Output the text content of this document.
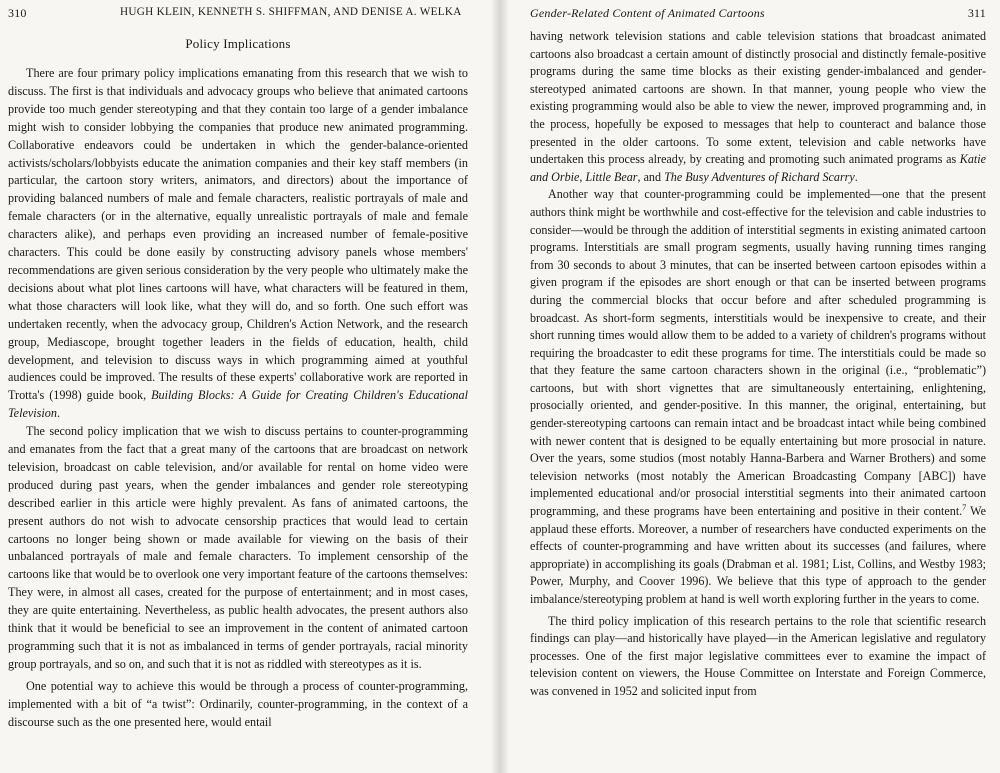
310	HUGH KLEIN, KENNETH S. SHIFFMAN, AND DENISE A. WELKA
Policy Implications

There are four primary policy implications emanating from this research that we wish to discuss. The first is that individuals and advocacy groups who believe that animated cartoons provide too much gender stereotyping and that they contain too large of a gender imbalance might wish to consider lobbying the companies that produce new animated programming. Collaborative endeavors could be undertaken in which the gender-balance-oriented activists/scholars/lobbyists educate the animation companies and their key staff members (in particular, the cartoon story writers, animators, and directors) about the importance of providing balanced numbers of male and female characters, realistic portrayals of male and female characters (or in the alternative, equally unrealistic portrayals of male and female characters alike), and perhaps even providing an increased number of female-positive characters. This could be done easily by constructing advisory panels whose members' recommendations are given serious consideration by the very people who ultimately make the decisions about what plot lines cartoons will have, what characters will be featured in them, what those characters will look like, what they will do, and so forth. One such effort was undertaken recently, when the advocacy group, Children's Action Network, and the research group, Mediascope, brought together leaders in the fields of education, health, child development, and television to discuss ways in which programming aimed at youthful audiences could be improved. The results of these experts' collaborative work are reported in Trotta's (1998) guide book, Building Blocks: A Guide for Creating Children's Educational Television.

The second policy implication that we wish to discuss pertains to counter-programming and emanates from the fact that a great many of the cartoons that are broadcast on network television, broadcast on cable television, and/or available for rental on home video were produced during past years, when the gender imbalances and gender role stereotyping described earlier in this article were highly prevalent. As fans of animated cartoons, the present authors do not wish to advocate censorship practices that would lead to certain cartoons no longer being shown or made available for viewing on the basis of their unbalanced portrayals of male and female characters. To implement censorship of the cartoons like that would be to overlook one very important feature of the cartoons themselves: They were, in almost all cases, created for the purpose of entertainment; and in most cases, they are quite entertaining. Nevertheless, as public health advocates, the present authors also think that it would be beneficial to see an improvement in the content of animated cartoon programming such that it is not as imbalanced in terms of gender portrayals, racial minority group portrayals, and so on, and such that it is not as riddled with stereotypes as it is.

One potential way to achieve this would be through a process of counter-programming, implemented with a bit of “a twist”: Ordinarily, counter-programming, in the context of a discourse such as the one presented here, would entail

Gender-Related Content of Animated Cartoons	311

having network television stations and cable television stations that broadcast animated cartoons also broadcast a certain amount of distinctly prosocial and distinctly female-positive programs during the same time blocks as their existing gender-imbalanced and gender-stereotyped animated cartoons are shown. In that manner, young people who view the existing programming would also be able to view the newer, improved programming and, in the process, hopefully be exposed to messages that help to counteract and balance those presented in the older cartoons. To some extent, television and cable networks have undertaken this process already, by creating and promoting such animated programs as Katie and Orbie, Little Bear, and The Busy Adventures of Richard Scarry.

Another way that counter-programming could be implemented—one that the present authors think might be worthwhile and cost-effective for the television and cable industries to consider—would be through the addition of interstitial segments in existing animated cartoon programs. Interstitials are small program segments, usually having running times ranging from 30 seconds to about 3 minutes, that can be inserted between cartoon episodes within a given program if the episodes are short enough or that can be inserted between programs during the commercial blocks that occur before and after scheduled programming is broadcast. As short-form segments, interstitials would be inexpensive to create, and their short running times would allow them to be added to a variety of children's programs without requiring the broadcaster to edit these programs for time. The interstitials could be made so that they feature the same cartoon characters shown in the original (i.e., “problematic”) cartoons, but with short vignettes that are simultaneously entertaining, enlightening, prosocially oriented, and gender-positive. In this manner, the original, entertaining, but gender-stereotyping cartoons can remain intact and be broadcast intact while being combined with newer content that is designed to be equally entertaining but more prosocial in nature. Over the years, some studios (most notably Hanna-Barbera and Warner Brothers) and some television networks (most notably the American Broadcasting Company [ABC]) have implemented educational and/or prosocial interstitial segments into their animated cartoon programming, and these programs have been entertaining and positive in their content.$^7$ We applaud these efforts. Moreover, a number of researchers have conducted experiments on the effects of counter-programming and have written about its successes (and failures, where appropriate) in accomplishing its goals (Drabman et al. 1981; List, Collins, and Westby 1983; Power, Murphy, and Coover 1996). We believe that this type of approach to the gender imbalance/stereotyping problem at hand is well worth exploring further in the years to come.

The third policy implication of this research pertains to the role that scientific research findings can play—and historically have played—in the American legislative and regulatory processes. One of the first major legislative committees ever to examine the impact of television content on viewers, the House Committee on Interstate and Foreign Commerce, was convened in 1952 and solicited input from
